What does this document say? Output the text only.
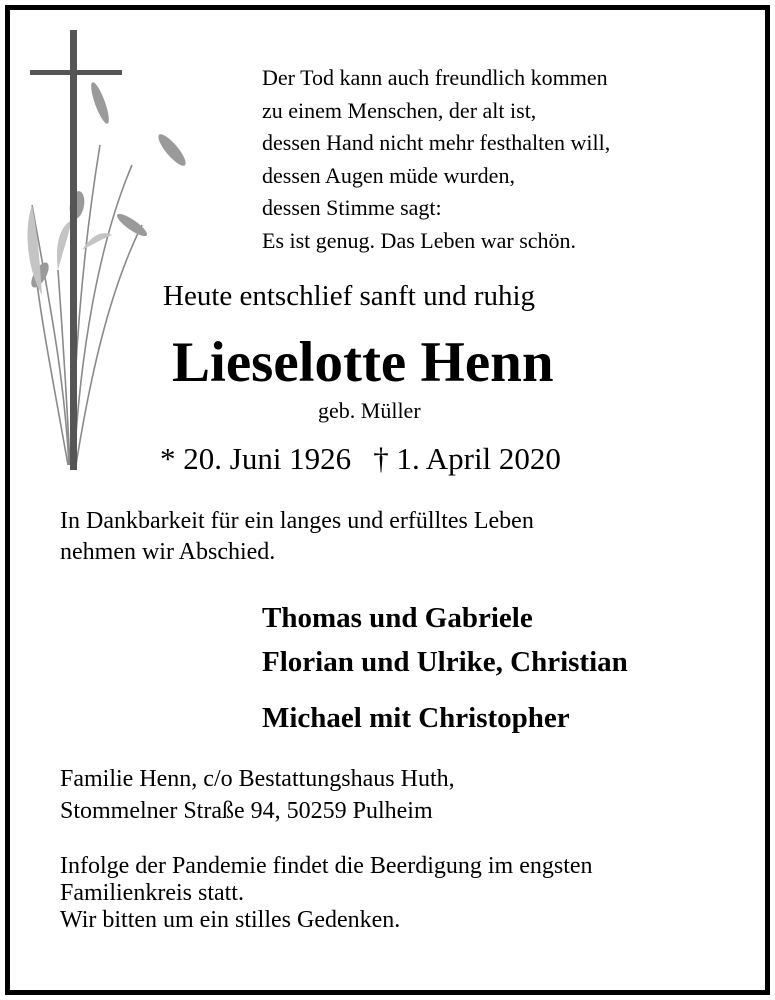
Der Tod kann auch freundlich kommen
zu einem Menschen, der alt ist,
dessen Hand nicht mehr festhalten will,
dessen Augen müde wurden,
dessen Stimme sagt:
Es ist genug. Das Leben war schön.
Heute entschlief sanft und ruhig
Lieselotte Henn
geb. Müller
* 20. Juni 1926 † 1. April 2020
In Dankbarkeit für ein langes und erfülltes Leben
nehmen wir Abschied.
Thomas und Gabriele
Florian und Ulrike, Christian
Michael mit Christopher
Familie Henn, c/o Bestattungshaus Huth,
Stommelner Straße 94, 50259 Pulheim
Infolge der Pandemie findet die Beerdigung im engsten
Familienkreis statt.
Wir bitten um ein stilles Gedenken.
